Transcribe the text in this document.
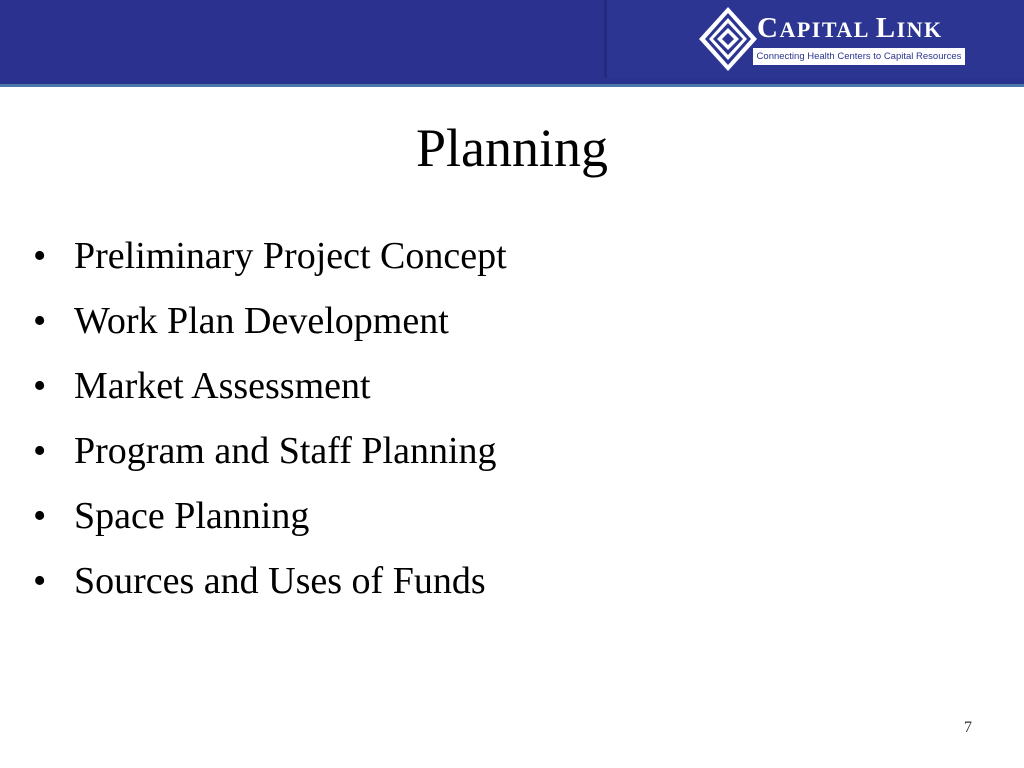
CAPITAL LINK
Connecting Health Centers to Capital Resources
Planning
• Preliminary Project Concept
• Work Plan Development
• Market Assessment
• Program and Staff Planning
• Space Planning
• Sources and Uses of Funds
7
